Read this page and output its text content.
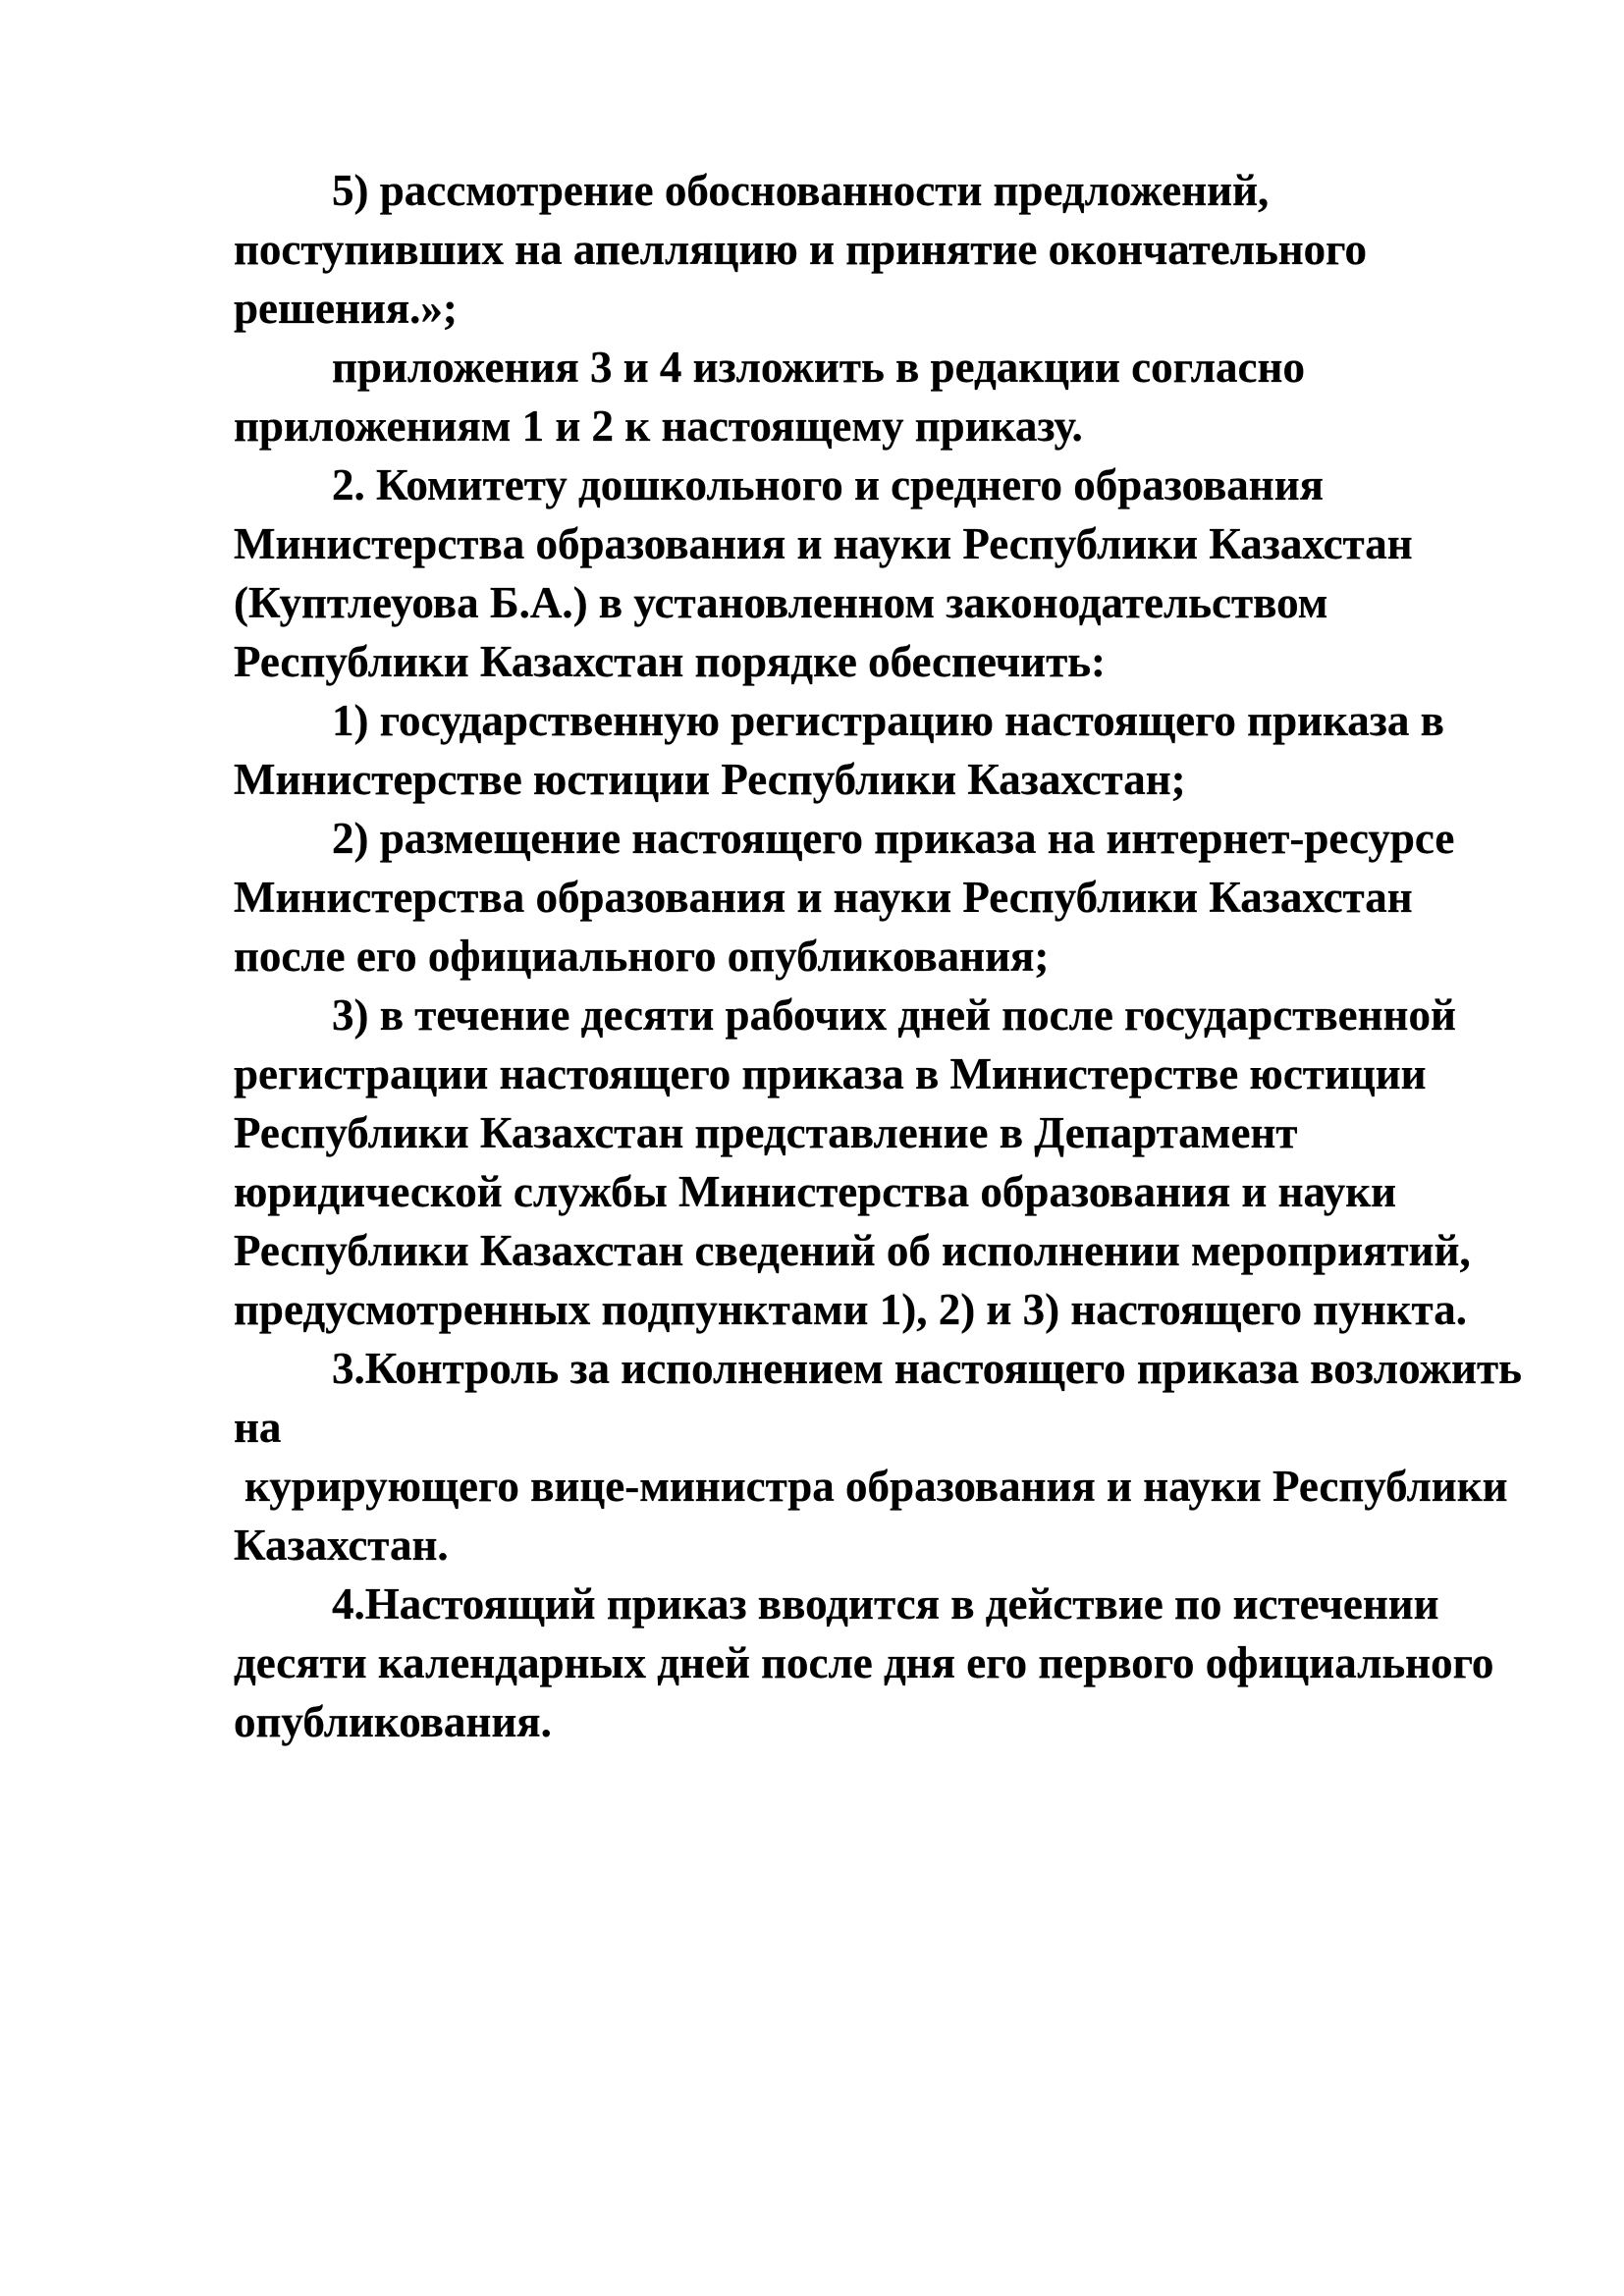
5) рассмотрение обоснованности предложений,
поступивших на апелляцию и принятие окончательного
решения.»;
приложения 3 и 4 изложить в редакции согласно
приложениям 1 и 2 к настоящему приказу.
2. Комитету дошкольного и среднего образования
Министерства образования и науки Республики Казахстан
(Куптлеуова Б.А.) в установленном законодательством
Республики Казахстан порядке обеспечить:
1) государственную регистрацию настоящего приказа в
Министерстве юстиции Республики Казахстан;
2) размещение настоящего приказа на интернет-ресурсе
Министерства образования и науки Республики Казахстан
после его официального опубликования;
3) в течение десяти рабочих дней после государственной
регистрации настоящего приказа в Министерстве юстиции
Республики Казахстан представление в Департамент
юридической службы Министерства образования и науки
Республики Казахстан сведений об исполнении мероприятий,
предусмотренных подпунктами 1), 2) и 3) настоящего пункта.
3.Контроль за исполнением настоящего приказа возложить
на
курирующего вице-министра образования и науки Республики
Казахстан.
4.Настоящий приказ вводится в действие по истечении
десяти календарных дней после дня его первого официального
опубликования.
